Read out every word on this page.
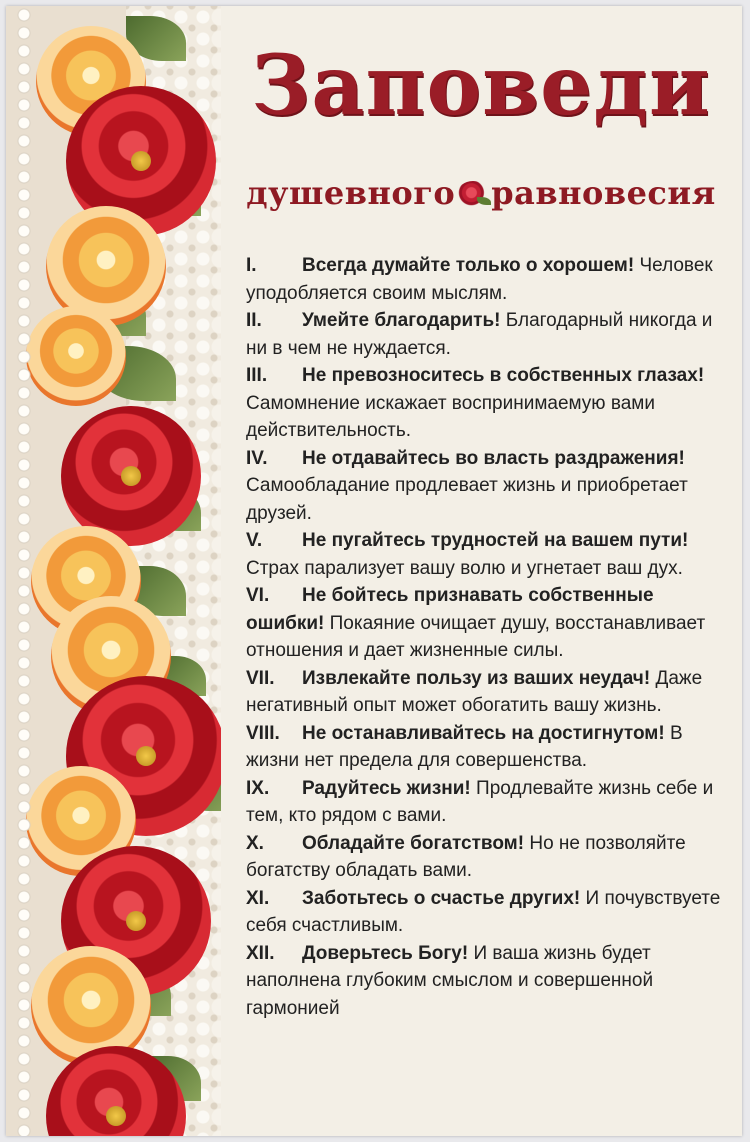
Заповеди
душевного равновесия

I. Всегда думайте только о хорошем! Человек уподобляется своим мыслям.

II. Умейте благодарить! Благодарный никогда и ни в чем не нуждается.

III. Не превозноситесь в собственных глазах! Самомнение искажает воспринимаемую вами действительность.

IV. Не отдавайтесь во власть раздражения! Самообладание продлевает жизнь и приобретает друзей.

V. Не пугайтесь трудностей на вашем пути! Страх парализует вашу волю и угнетает ваш дух.

VI. Не бойтесь признавать собственные ошибки! Покаяние очищает душу, восстанавливает отношения и дает жизненные силы.

VII. Извлекайте пользу из ваших неудач! Даже негативный опыт может обогатить вашу жизнь.

VIII. Не останавливайтесь на достигнутом! В жизни нет предела для совершенства.

IX. Радуйтесь жизни! Продлевайте жизнь себе и тем, кто рядом с вами.

X. Обладайте богатством! Но не позволяйте богатству обладать вами.

XI. Заботьтесь о счастье других! И почувствуете себя счастливым.

XII. Доверьтесь Богу! И ваша жизнь будет наполнена глубоким смыслом и совершенной гармонией
